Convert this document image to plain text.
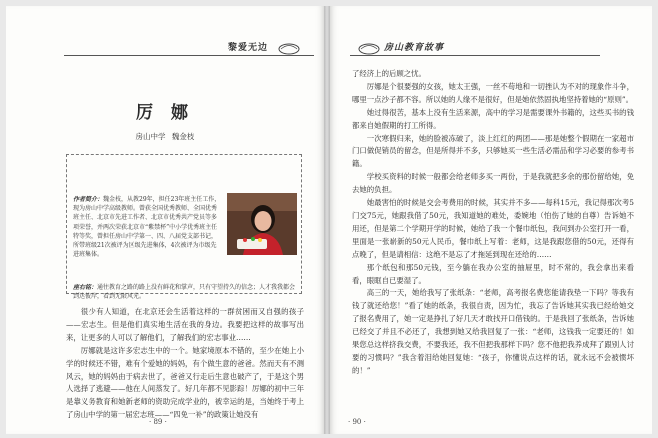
黎爱无边
厉 娜
房山中学 魏金枝
作者简介：魏金枝，从教29年，担任23年班主任工作，现为房山中学高级教师。曾获全国优秀教师、全国优秀班主任、北京市先进工作者、北京市优秀共产党员等多项荣誉，并两次荣获北京市“紫禁杯”中小学优秀班主任特等奖，曾担任房山中学第一、四、八届党支部书记，所带班级21次被评为区级先进集体，4次被评为市级先进班集体。
座右铭：通往教育之路的路上没有鲜花和掌声，只有守望持久的信念；人才我我都会到达彼岸，看到无限风光。

很少有人知道，在北京还会生活着这样的一群贫困而又自强的孩子——宏志生。但是他们真实地生活在我的身边。我要把这样的故事写出来，让更多的人可以了解他们，了解我们的宏志事业……

厉娜就是这许多宏志生中的一个。她家境原本不错的，至少在她上小学的时候还不错，难有个爱她的妈妈，有个做生意的爸爸。然而天有不测风云，她的妈妈由于病去世了，爸爸又行走后生意也破产了，于是这个男人选择了逃避——他在人间蒸发了。好几年都不见影踪！厉娜的初中三年是靠义务教育和她新老师的资助完成学业的，被幸运的是，当她终于考上了房山中学的第一届宏志班——“四免一补”的政策让她没有

· 89 ·
房山教育故事

了经济上的后顾之忧。

厉娜是个很要强的女孩，她太王强，一丝不苟地和一切挫认为不对的现象作斗争，哪里一点沙子都不容。所以她的人缘不是很好，但是她依然固执地坚持着她的“原则”。

她过得很苦，基本上没有生活来源，高中的学习是需要课外书籍的，这些买书的钱都来自她假期的打工所得。

一次寒假归来，她的脸被冻破了，淡上红红的两团——那是她整个假期在一家超市门口做促销员的留念，但是所得并不多，只够她买一些生活必需品和学习必要的参考书籍。

学校买资料的时候一般都会给老师多买一两份，于是我就把多余的那份留给她，免去她的负担。

她最害怕的时候是交会考费用的时候，其实并不多——每科15元，我记得那次考5门交75元，她跟我借了50元，我知道她的难处，委婉地（怕伤了她的自尊）告诉她不用还，但是第二个学期开学的时候，她给了我一个餐巾纸包，我问到办公室打开一看，里面是一张崭新的50元人民币，餐巾纸上写着：老师，这是我跟您借的50元，还得有点晚了，但是请相信：这绝不是忘了才拖延到现在还给的……

那个纸包和那50元钱，至今躺在我办公室的抽屉里，时不常的，我会拿出来看看，眼眶自已要湿了。

高三的一天，她给我写了张纸条：“老师，高考报名费您能请我垫一下吗？等我有钱了就还给您！”看了她的纸条，我很自责，因为忙，我忘了告诉她其实我已经给她交了报名费用了，她一定是挣扎了好几天才敢找开口借钱的。于是我回了张纸条，告诉她已经交了并且不必还了，我想到她又给我回复了一张：“老师，这钱我一定要还的！如果您总这样挤我交费，不要我还，我不但把我那样下吗？您不他把我养成拜了跟别人讨要的习惯吗？”我含着泪给她回复她：“孩子，你懂说点这样的话，就永远不会被惯坏的！”

· 90 ·
